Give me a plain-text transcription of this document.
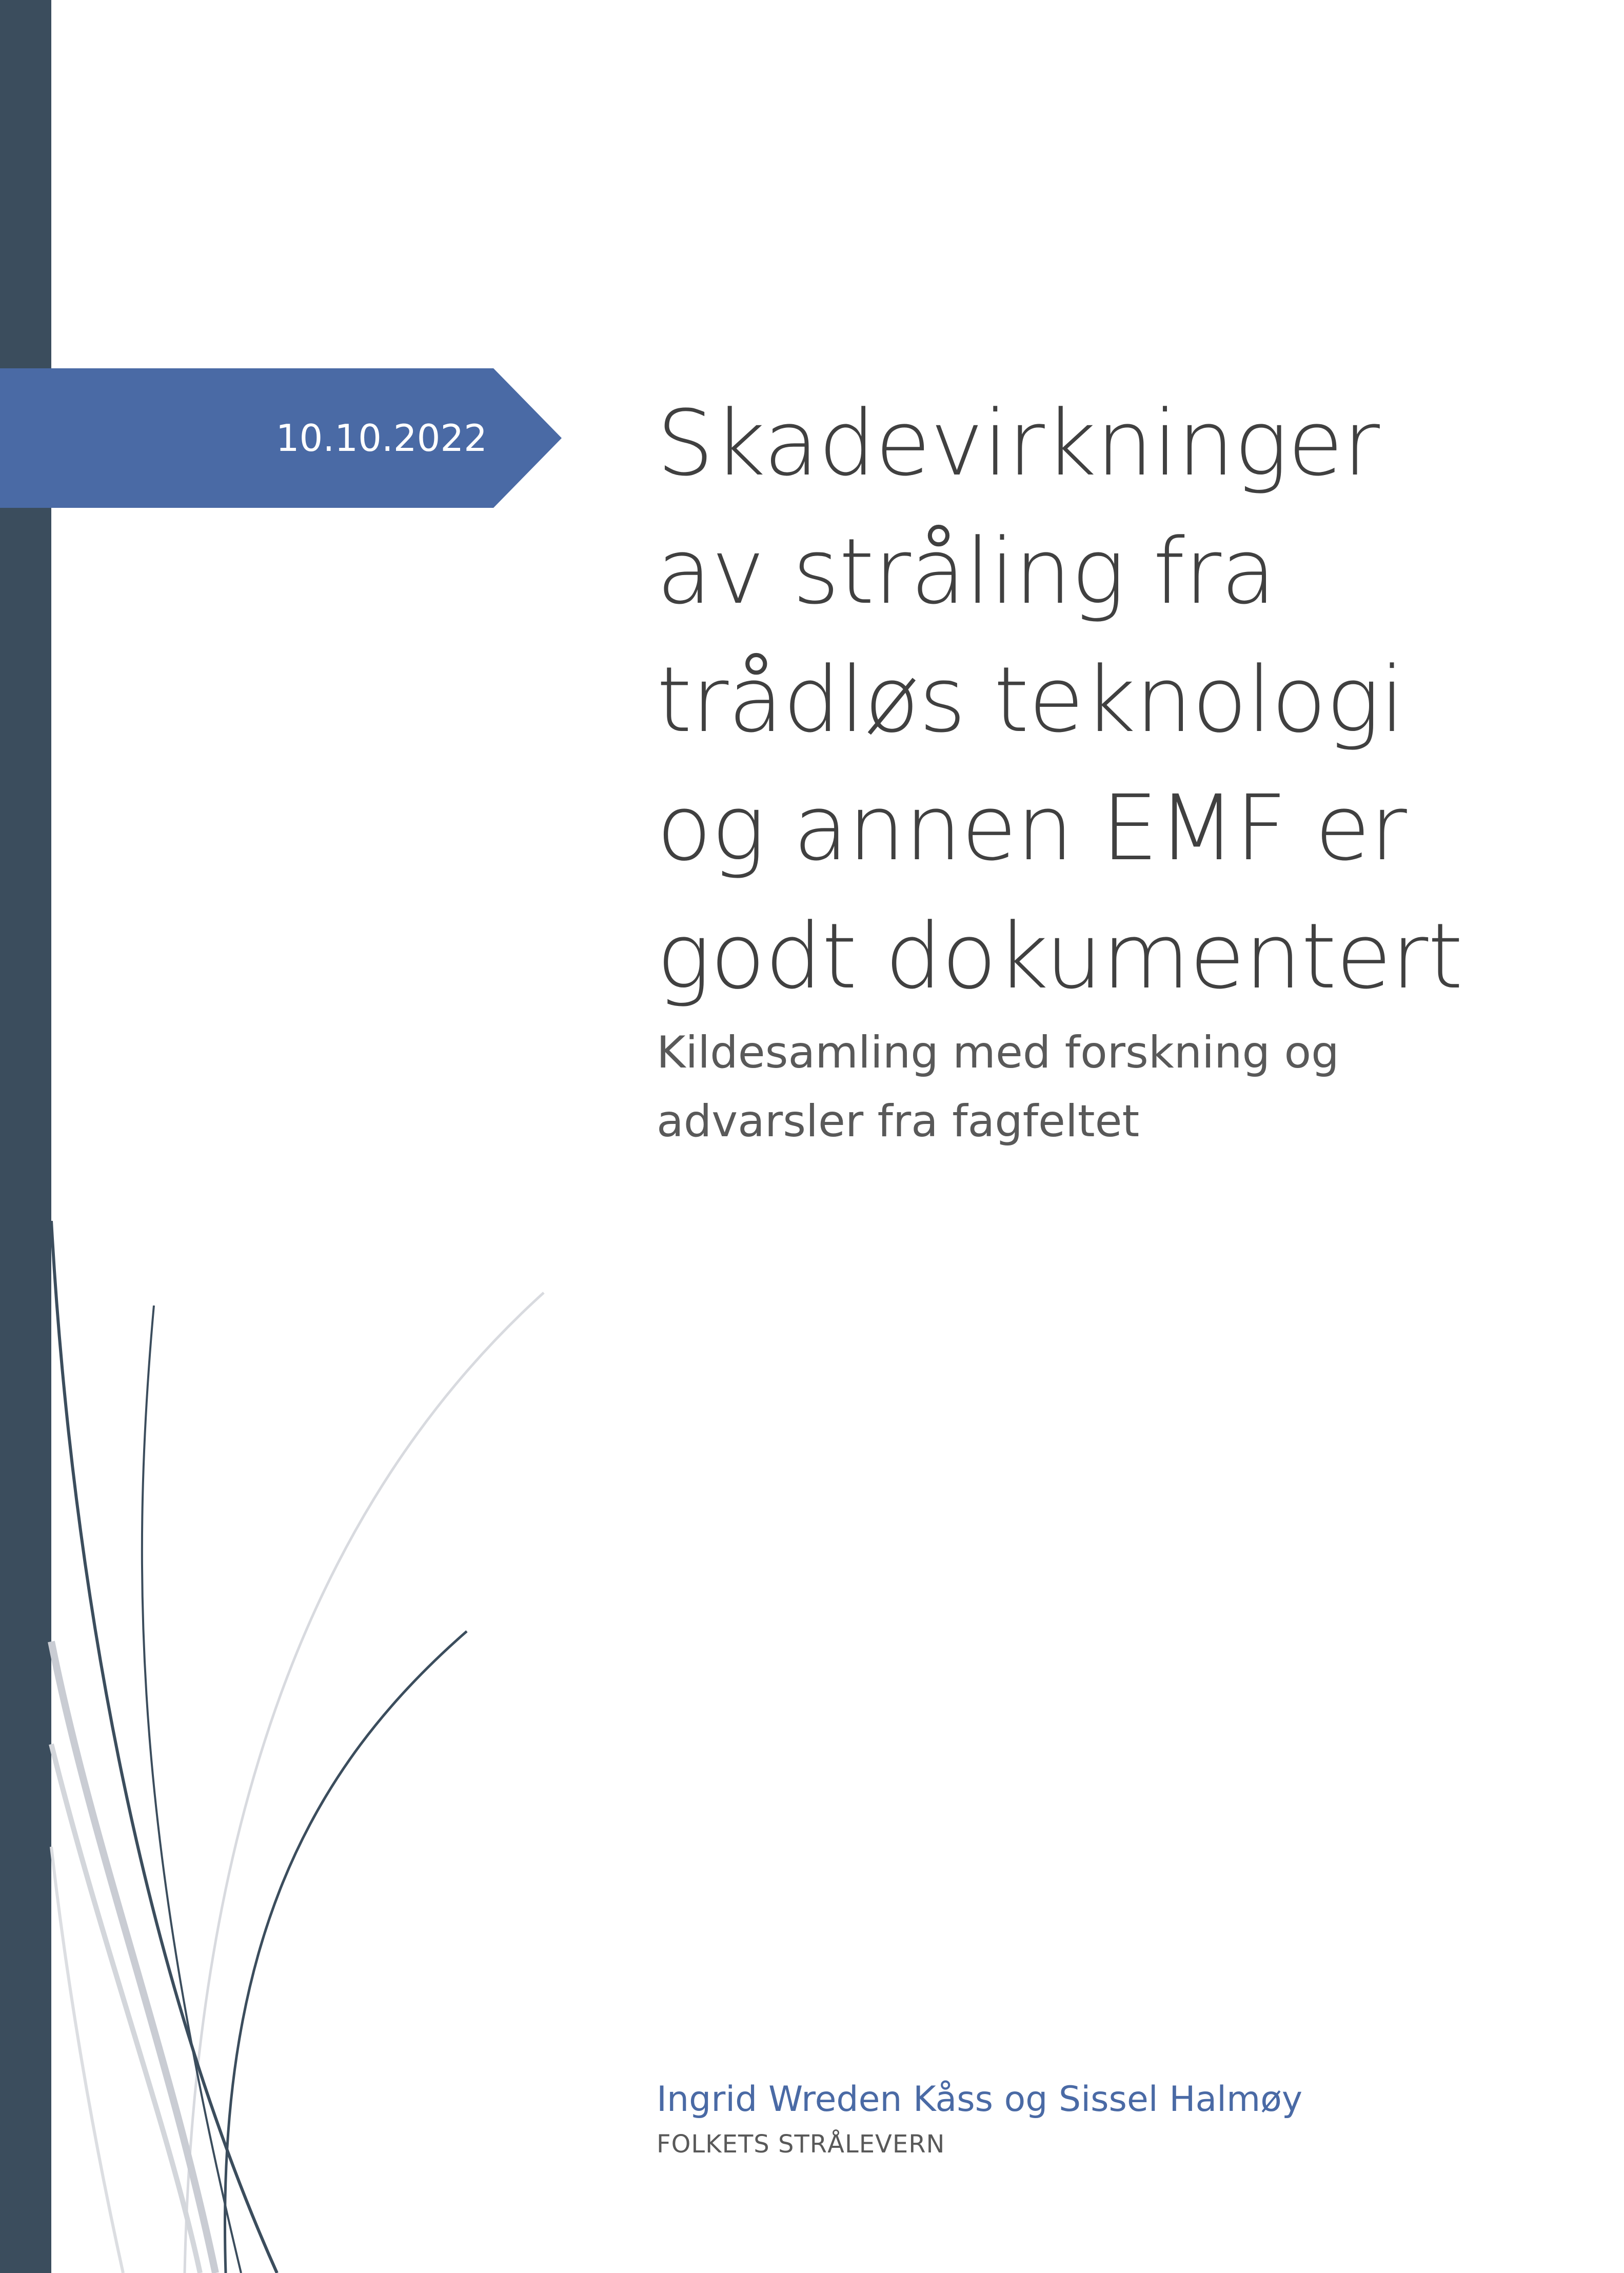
10.10.2022 Skadevirkninger
av stråling fra
trådløs teknologi
og annen EMF er
godt dokumentert
Kildesamling med forskning og
advarsler fra fagfeltet
Ingrid Wreden Kåss og Sissel Halmøy
FOLKETS STRÅLEVERN
